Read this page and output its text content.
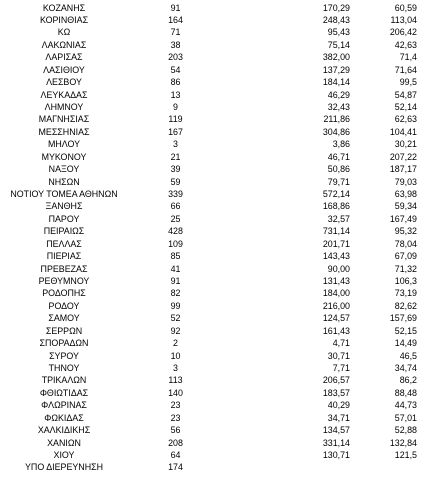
ΚΟΖΑΝΗΣ	91	170,29	60,59
ΚΟΡΙΝΘΙΑΣ	164	248,43	113,04
ΚΩ	71	95,43	206,42
ΛΑΚΩΝΙΑΣ	38	75,14	42,63
ΛΑΡΙΣΑΣ	203	382,00	71,4
ΛΑΣΙΘΙΟΥ	54	137,29	71,64
ΛΕΣΒΟΥ	86	184,14	99,5
ΛΕΥΚΑΔΑΣ	13	46,29	54,87
ΛΗΜΝΟΥ	9	32,43	52,14
ΜΑΓΝΗΣΙΑΣ	119	211,86	62,63
ΜΕΣΣΗΝΙΑΣ	167	304,86	104,41
ΜΗΛΟΥ	3	3,86	30,21
ΜΥΚΟΝΟΥ	21	46,71	207,22
ΝΑΞΟΥ	39	50,86	187,17
ΝΗΣΩΝ	59	79,71	79,03
ΝΟΤΙΟΥ ΤΟΜΕΑ ΑΘΗΝΩΝ	339	572,14	63,98
ΞΑΝΘΗΣ	66	168,86	59,34
ΠΑΡΟΥ	25	32,57	167,49
ΠΕΙΡΑΙΩΣ	428	731,14	95,32
ΠΕΛΛΑΣ	109	201,71	78,04
ΠΙΕΡΙΑΣ	85	143,43	67,09
ΠΡΕΒΕΖΑΣ	41	90,00	71,32
ΡΕΘΥΜΝΟΥ	91	131,43	106,3
ΡΟΔΟΠΗΣ	82	184,00	73,19
ΡΟΔΟΥ	99	216,00	82,62
ΣΑΜΟΥ	52	124,57	157,69
ΣΕΡΡΩΝ	92	161,43	52,15
ΣΠΟΡΑΔΩΝ	2	4,71	14,49
ΣΥΡΟΥ	10	30,71	46,5
ΤΗΝΟΥ	3	7,71	34,74
ΤΡΙΚΑΛΩΝ	113	206,57	86,2
ΦΘΙΩΤΙΔΑΣ	140	183,57	88,48
ΦΛΩΡΙΝΑΣ	23	40,29	44,73
ΦΩΚΙΔΑΣ	23	34,71	57,01
ΧΑΛΚΙΔΙΚΗΣ	56	134,57	52,88
ΧΑΝΙΩΝ	208	331,14	132,84
ΧΙΟΥ	64	130,71	121,5
ΥΠΟ ΔΙΕΡΕΥΝΗΣΗ	174
